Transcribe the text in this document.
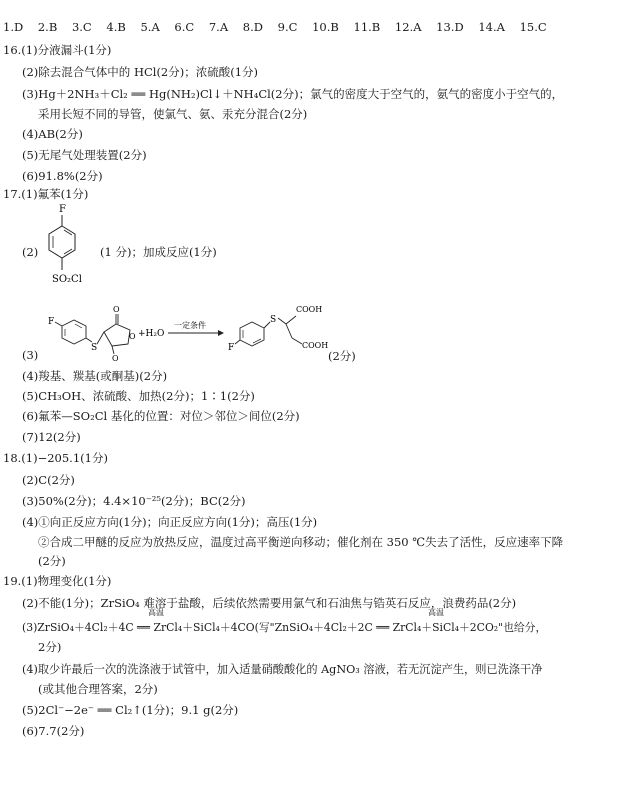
1.D 2.B 3.C 4.B 5.A 6.C 7.A 8.D 9.C 10.B 11.B 12.A 13.D 14.A 15.C
16.(1)分液漏斗(1分)
(2)除去混合气体中的 HCl(2分)；浓硫酸(1分)
(3)Hg＋2NH₃＋Cl₂ ══ Hg(NH₂)Cl↓＋NH₄Cl(2分)；氯气的密度大于空气的，氨气的密度小于空气的，
采用长短不同的导管，使氯气、氨、汞充分混合(2分)
(4)AB(2分)
(5)无尾气处理装置(2分)
(6)91.8%(2分)
17.(1)氟苯(1分)
(2)
F
SO₂Cl
(1 分)；加成反应(1分)
F
S
O
O
O
+H₂O
一定条件
F
S
COOH
COOH
(3)	(2分)
(4)羧基、羰基(或酮基)(2分)
(5)CH₃OH、浓硫酸、加热(2分)；1∶1(2分)
(6)氟苯—SO₂Cl 基化的位置：对位＞邻位＞间位(2分)
(7)12(2分)
18.(1)−205.1(1分)
(2)C(2分)
(3)50%(2分)；4.4×10⁻²⁵(2分)；BC(2分)
(4)①向正反应方向(1分)；向正反应方向(1分)；高压(1分)
②合成二甲醚的反应为放热反应，温度过高平衡逆向移动；催化剂在 350 ℃失去了活性，反应速率下降
(2分)
19.(1)物理变化(1分)
(2)不能(1分)；ZrSiO₄ 难溶于盐酸，后续依然需要用氯气和石油焦与锆英石反应，浪费药品(2分)
高温	高温
(3)ZrSiO₄＋4Cl₂＋4C ══ ZrCl₄＋SiCl₄＋4CO(写"ZnSiO₄＋4Cl₂＋2C ══ ZrCl₄＋SiCl₄＋2CO₂"也给分，
2分)
(4)取少许最后一次的洗涤液于试管中，加入适量硝酸酸化的 AgNO₃ 溶液，若无沉淀产生，则已洗涤干净
(或其他合理答案，2分)
(5)2Cl⁻−2e⁻ ══ Cl₂↑(1分)；9.1 g(2分)
(6)7.7(2分)
